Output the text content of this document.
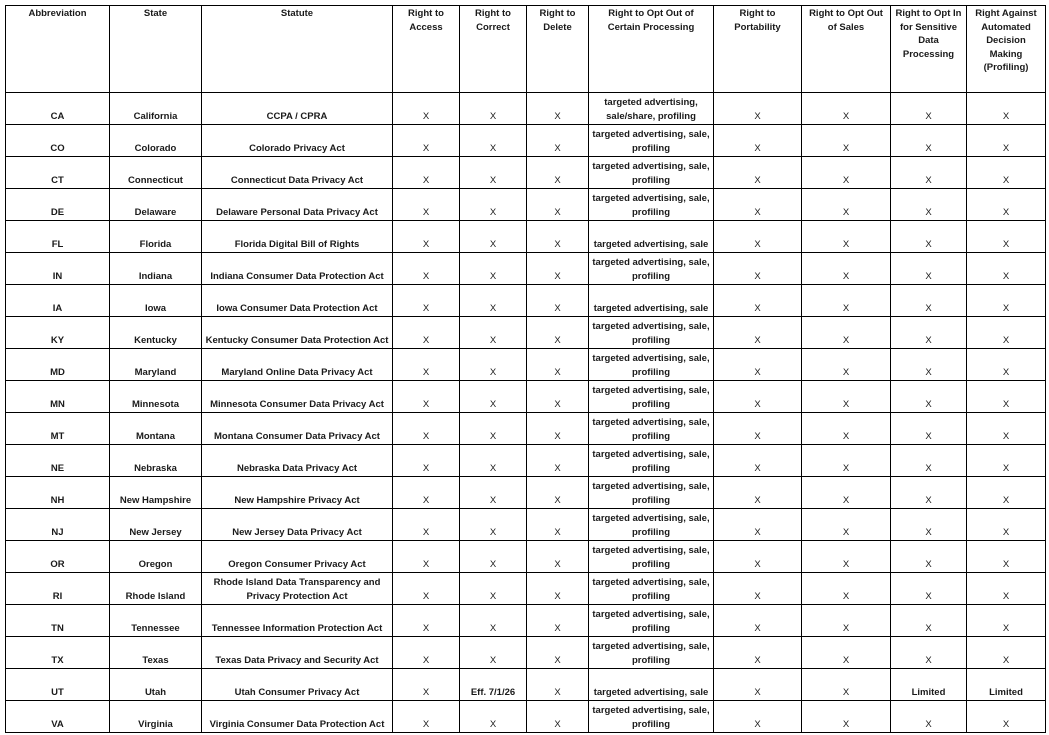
Abbreviation	State	Statute	Right to Access	Right to Correct	Right to Delete	Right to Opt Out of Certain Processing	Right to Portability	Right to Opt Out of Sales	Right to Opt In for Sensitive Data Processing	Right Against Automated Decision Making (Profiling)
CA	California	CCPA / CPRA	X	X	X	targeted advertising, sale/share, profiling	X	X	X	X
CO	Colorado	Colorado Privacy Act	X	X	X	targeted advertising, sale, profiling	X	X	X	X
CT	Connecticut	Connecticut Data Privacy Act	X	X	X	targeted advertising, sale, profiling	X	X	X	X
DE	Delaware	Delaware Personal Data Privacy Act	X	X	X	targeted advertising, sale, profiling	X	X	X	X
FL	Florida	Florida Digital Bill of Rights	X	X	X	targeted advertising, sale	X	X	X	X
IN	Indiana	Indiana Consumer Data Protection Act	X	X	X	targeted advertising, sale, profiling	X	X	X	X
IA	Iowa	Iowa Consumer Data Protection Act	X	X	X	targeted advertising, sale	X	X	X	X
KY	Kentucky	Kentucky Consumer Data Protection Act	X	X	X	targeted advertising, sale, profiling	X	X	X	X
MD	Maryland	Maryland Online Data Privacy Act	X	X	X	targeted advertising, sale, profiling	X	X	X	X
MN	Minnesota	Minnesota Consumer Data Privacy Act	X	X	X	targeted advertising, sale, profiling	X	X	X	X
MT	Montana	Montana Consumer Data Privacy Act	X	X	X	targeted advertising, sale, profiling	X	X	X	X
NE	Nebraska	Nebraska Data Privacy Act	X	X	X	targeted advertising, sale, profiling	X	X	X	X
NH	New Hampshire	New Hampshire Privacy Act	X	X	X	targeted advertising, sale, profiling	X	X	X	X
NJ	New Jersey	New Jersey Data Privacy Act	X	X	X	targeted advertising, sale, profiling	X	X	X	X
OR	Oregon	Oregon Consumer Privacy Act	X	X	X	targeted advertising, sale, profiling	X	X	X	X
RI	Rhode Island	Rhode Island Data Transparency and Privacy Protection Act	X	X	X	targeted advertising, sale, profiling	X	X	X	X
TN	Tennessee	Tennessee Information Protection Act	X	X	X	targeted advertising, sale, profiling	X	X	X	X
TX	Texas	Texas Data Privacy and Security Act	X	X	X	targeted advertising, sale, profiling	X	X	X	X
UT	Utah	Utah Consumer Privacy Act	X	Eff. 7/1/26	X	targeted advertising, sale	X	X	Limited	Limited
VA	Virginia	Virginia Consumer Data Protection Act	X	X	X	targeted advertising, sale, profiling	X	X	X	X
